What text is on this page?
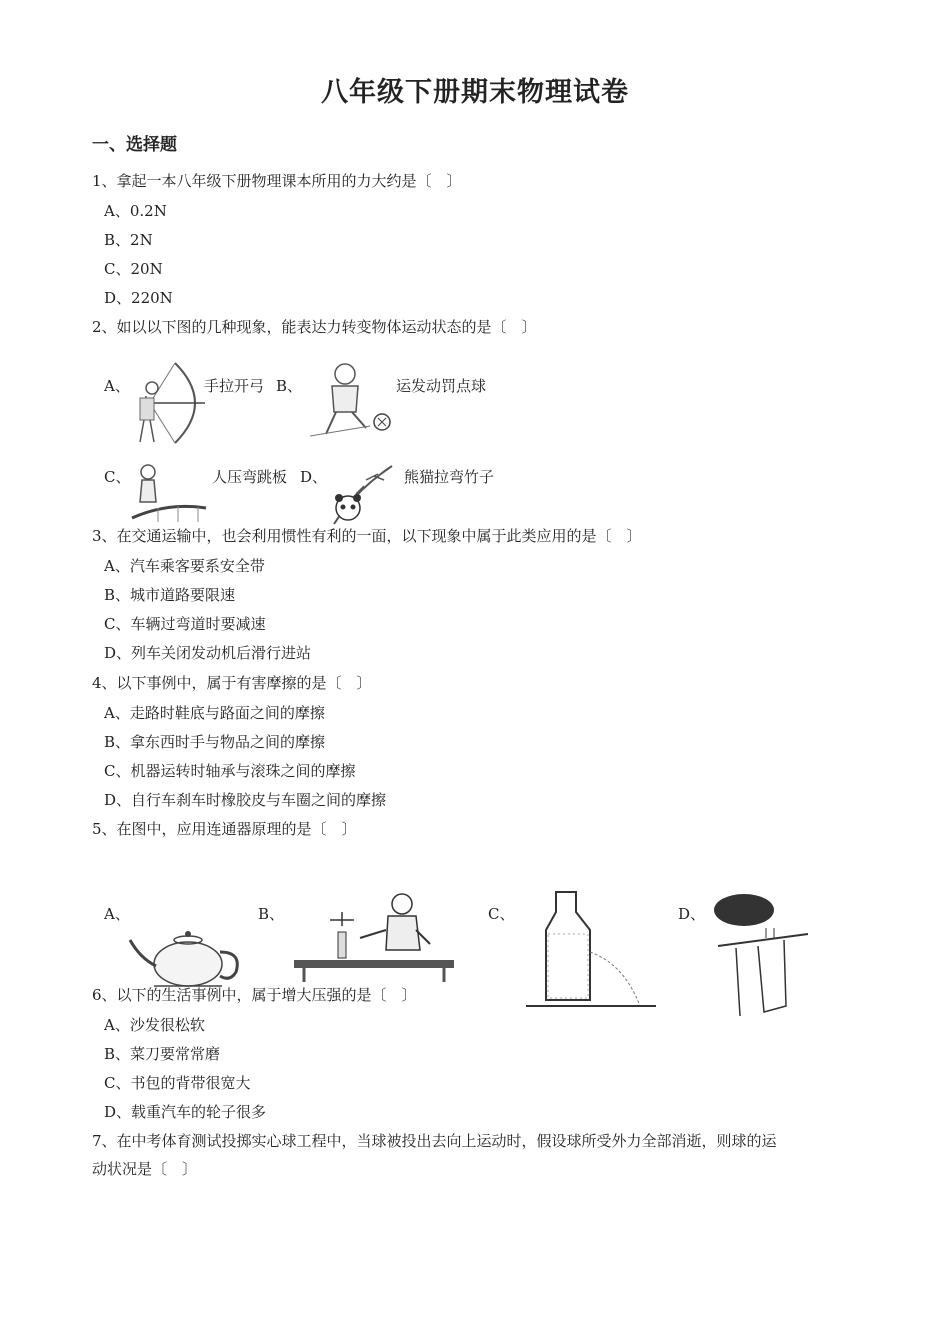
八年级下册期末物理试卷
一、选择题
1、拿起一本八年级下册物理课本所用的力大约是〔　〕
A、0.2N
B、2N
C、20N
D、220N
2、如以以下图的几种现象，能表达力转变物体运动状态的是〔　〕
A、	手拉开弓 B、	运发动罚点球
C、	人压弯跳板 D、	熊猫拉弯竹子
3、在交通运输中，也会利用惯性有利的一面，以下现象中属于此类应用的是〔　〕
A、汽车乘客要系安全带
B、城市道路要限速
C、车辆过弯道时要减速
D、列车关闭发动机后滑行进站
4、以下事例中，属于有害摩擦的是〔　〕
A、走路时鞋底与路面之间的摩擦
B、拿东西时手与物品之间的摩擦
C、机器运转时轴承与滚珠之间的摩擦
D、自行车刹车时橡胶皮与车圈之间的摩擦
5、在图中，应用连通器原理的是〔　〕
A、	B、	C、	D、
6、以下的生活事例中，属于增大压强的是〔　〕
A、沙发很松软
B、菜刀要常常磨
C、书包的背带很宽大
D、载重汽车的轮子很多
7、在中考体育测试投掷实心球工程中，当球被投出去向上运动时，假设球所受外力全部消逝，则球的运
动状况是〔　〕
